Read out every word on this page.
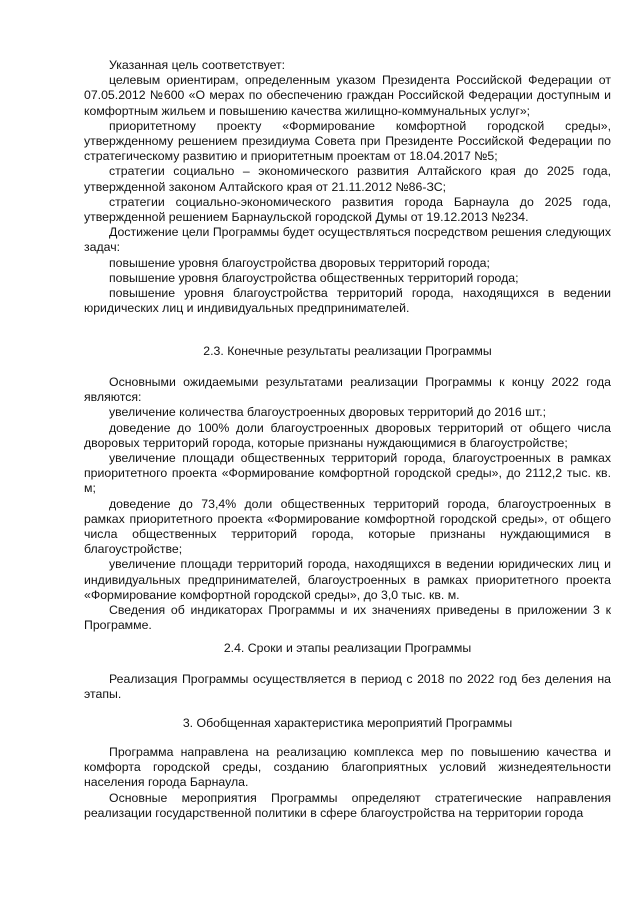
Указанная цель соответствует:

целевым ориентирам, определенным указом Президента Российской Федерации от 07.05.2012 №600 «О мерах по обеспечению граждан Российской Федерации доступным и комфортным жильем и повышению качества жилищно-коммунальных услуг»;

приоритетному проекту «Формирование комфортной городской среды», утвержденному решением президиума Совета при Президенте Российской Федерации по стратегическому развитию и приоритетным проектам от 18.04.2017 №5;

стратегии социально – экономического развития Алтайского края до 2025 года, утвержденной законом Алтайского края от 21.11.2012 №86-ЗС;

стратегии социально-экономического развития города Барнаула до 2025 года, утвержденной решением Барнаульской городской Думы от 19.12.2013 №234.

Достижение цели Программы будет осуществляться посредством решения следующих задач:

повышение уровня благоустройства дворовых территорий города;

повышение уровня благоустройства общественных территорий города;

повышение уровня благоустройства территорий города, находящихся в ведении юридических лиц и индивидуальных предпринимателей.

2.3. Конечные результаты реализации Программы

Основными ожидаемыми результатами реализации Программы к концу 2022 года являются:

увеличение количества благоустроенных дворовых территорий до 2016 шт.;

доведение до 100% доли благоустроенных дворовых территорий от общего числа дворовых территорий города, которые признаны нуждающимися в благоустройстве;

увеличение площади общественных территорий города, благоустроенных в рамках приоритетного проекта «Формирование комфортной городской среды», до 2112,2 тыс. кв. м;

доведение до 73,4% доли общественных территорий города, благоустроенных в рамках приоритетного проекта «Формирование комфортной городской среды», от общего числа общественных территорий города, которые признаны нуждающимися в благоустройстве;

увеличение площади территорий города, находящихся в ведении юридических лиц и индивидуальных предпринимателей, благоустроенных в рамках приоритетного проекта «Формирование комфортной городской среды», до 3,0 тыс. кв. м.

Сведения об индикаторах Программы и их значениях приведены в приложении 3 к Программе.

2.4. Сроки и этапы реализации Программы

Реализация Программы осуществляется в период с 2018 по 2022 год без деления на этапы.

3. Обобщенная характеристика мероприятий Программы

Программа направлена на реализацию комплекса мер по повышению качества и комфорта городской среды, созданию благоприятных условий жизнедеятельности населения города Барнаула.

Основные мероприятия Программы определяют стратегические направления реализации государственной политики в сфере благоустройства на территории города
